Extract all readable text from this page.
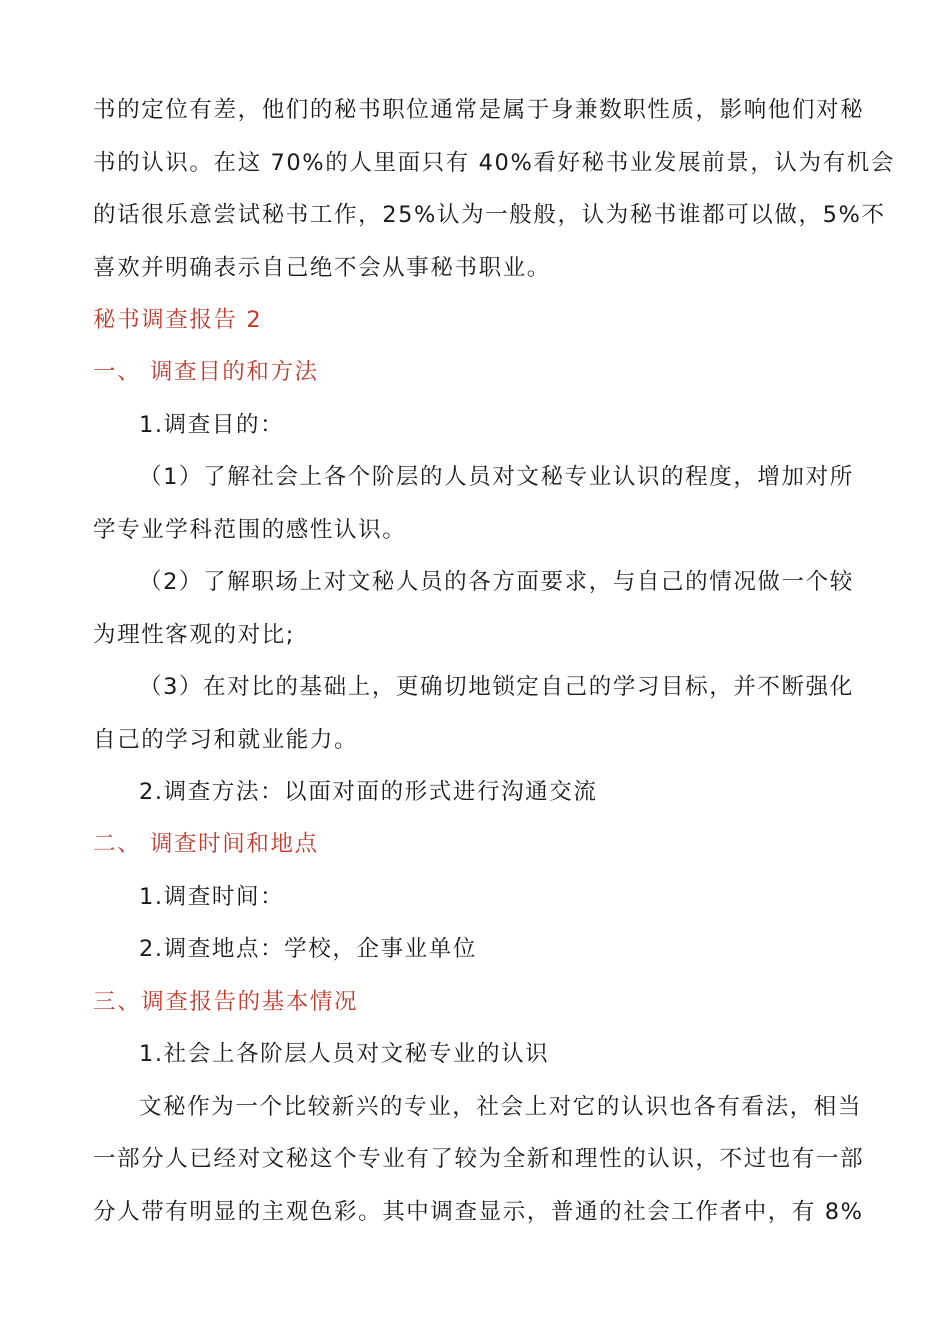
书的定位有差，他们的秘书职位通常是属于身兼数职性质，影响他们对秘
书的认识。在这 70%的人里面只有 40%看好秘书业发展前景，认为有机会
的话很乐意尝试秘书工作，25%认为一般般，认为秘书谁都可以做，5%不
喜欢并明确表示自己绝不会从事秘书职业。
秘书调查报告 2
一、 调查目的和方法
1.调查目的：
（1）了解社会上各个阶层的人员对文秘专业认识的程度，增加对所
学专业学科范围的感性认识。
（2）了解职场上对文秘人员的各方面要求，与自己的情况做一个较
为理性客观的对比;
（3）在对比的基础上，更确切地锁定自己的学习目标，并不断强化
自己的学习和就业能力。
2.调查方法：以面对面的形式进行沟通交流
二、 调查时间和地点
1.调查时间：
2.调查地点：学校，企事业单位
三、调查报告的基本情况
1.社会上各阶层人员对文秘专业的认识
文秘作为一个比较新兴的专业，社会上对它的认识也各有看法，相当
一部分人已经对文秘这个专业有了较为全新和理性的认识，不过也有一部
分人带有明显的主观色彩。其中调查显示，普通的社会工作者中，有 8%
